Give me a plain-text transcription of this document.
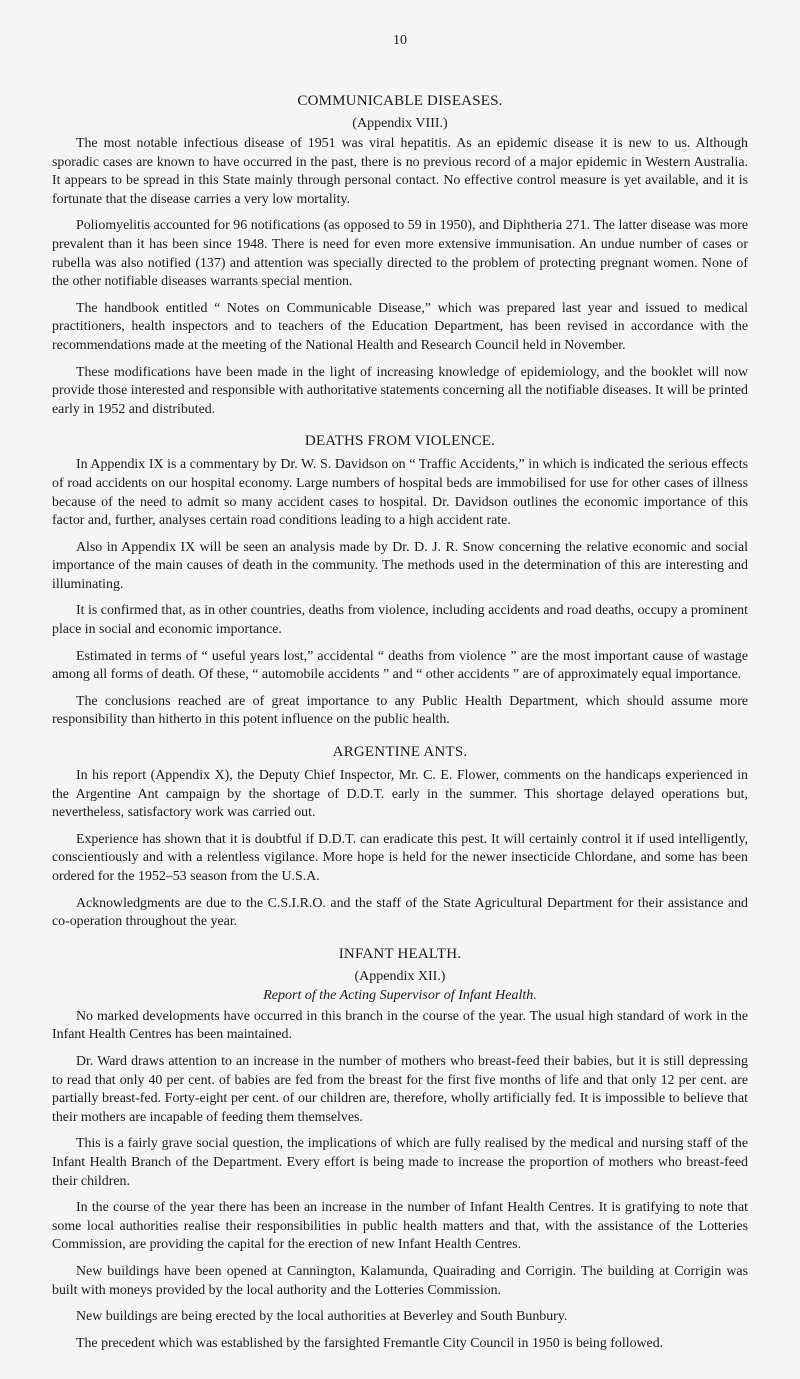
10
COMMUNICABLE DISEASES.
(Appendix VIII.)

The most notable infectious disease of 1951 was viral hepatitis. As an epidemic disease it is new to us. Although sporadic cases are known to have occurred in the past, there is no previous record of a major epidemic in Western Australia. It appears to be spread in this State mainly through personal contact. No effective control measure is yet available, and it is fortunate that the disease carries a very low mortality.

Poliomyelitis accounted for 96 notifications (as opposed to 59 in 1950), and Diphtheria 271. The latter disease was more prevalent than it has been since 1948. There is need for even more extensive immunisation. An undue number of cases or rubella was also notified (137) and attention was specially directed to the problem of protecting pregnant women. None of the other notifiable diseases warrants special mention.

The handbook entitled “ Notes on Communicable Disease,” which was prepared last year and issued to medical practitioners, health inspectors and to teachers of the Education Department, has been revised in accordance with the recommendations made at the meeting of the National Health and Research Council held in November.

These modifications have been made in the light of increasing knowledge of epidemiology, and the booklet will now provide those interested and responsible with authoritative statements concerning all the notifiable diseases. It will be printed early in 1952 and distributed.

DEATHS FROM VIOLENCE.

In Appendix IX is a commentary by Dr. W. S. Davidson on “ Traffic Accidents,” in which is indicated the serious effects of road accidents on our hospital economy. Large numbers of hospital beds are immobilised for use for other cases of illness because of the need to admit so many accident cases to hospital. Dr. Davidson outlines the economic importance of this factor and, further, analyses certain road conditions leading to a high accident rate.

Also in Appendix IX will be seen an analysis made by Dr. D. J. R. Snow concerning the relative economic and social importance of the main causes of death in the community. The methods used in the determination of this are interesting and illuminating.

It is confirmed that, as in other countries, deaths from violence, including accidents and road deaths, occupy a prominent place in social and economic importance.

Estimated in terms of “ useful years lost,” accidental “ deaths from violence ” are the most important cause of wastage among all forms of death. Of these, “ automobile accidents ” and “ other accidents ” are of approximately equal importance.

The conclusions reached are of great importance to any Public Health Department, which should assume more responsibility than hitherto in this potent influence on the public health.

ARGENTINE ANTS.

In his report (Appendix X), the Deputy Chief Inspector, Mr. C. E. Flower, comments on the handicaps experienced in the Argentine Ant campaign by the shortage of D.D.T. early in the summer. This shortage delayed operations but, nevertheless, satisfactory work was carried out.

Experience has shown that it is doubtful if D.D.T. can eradicate this pest. It will certainly control it if used intelligently, conscientiously and with a relentless vigilance. More hope is held for the newer insecticide Chlordane, and some has been ordered for the 1952–53 season from the U.S.A.

Acknowledgments are due to the C.S.I.R.O. and the staff of the State Agricultural Department for their assistance and co-operation throughout the year.

INFANT HEALTH.
(Appendix XII.)
Report of the Acting Supervisor of Infant Health.

No marked developments have occurred in this branch in the course of the year. The usual high standard of work in the Infant Health Centres has been maintained.

Dr. Ward draws attention to an increase in the number of mothers who breast-feed their babies, but it is still depressing to read that only 40 per cent. of babies are fed from the breast for the first five months of life and that only 12 per cent. are partially breast-fed. Forty-eight per cent. of our children are, therefore, wholly artificially fed. It is impossible to believe that their mothers are incapable of feeding them themselves.

This is a fairly grave social question, the implications of which are fully realised by the medical and nursing staff of the Infant Health Branch of the Department. Every effort is being made to increase the proportion of mothers who breast-feed their children.

In the course of the year there has been an increase in the number of Infant Health Centres. It is gratifying to note that some local authorities realise their responsibilities in public health matters and that, with the assistance of the Lotteries Commission, are providing the capital for the erection of new Infant Health Centres.

New buildings have been opened at Cannington, Kalamunda, Quairading and Corrigin. The building at Corrigin was built with moneys provided by the local authority and the Lotteries Commission.

New buildings are being erected by the local authorities at Beverley and South Bunbury.

The precedent which was established by the farsighted Fremantle City Council in 1950 is being followed.
